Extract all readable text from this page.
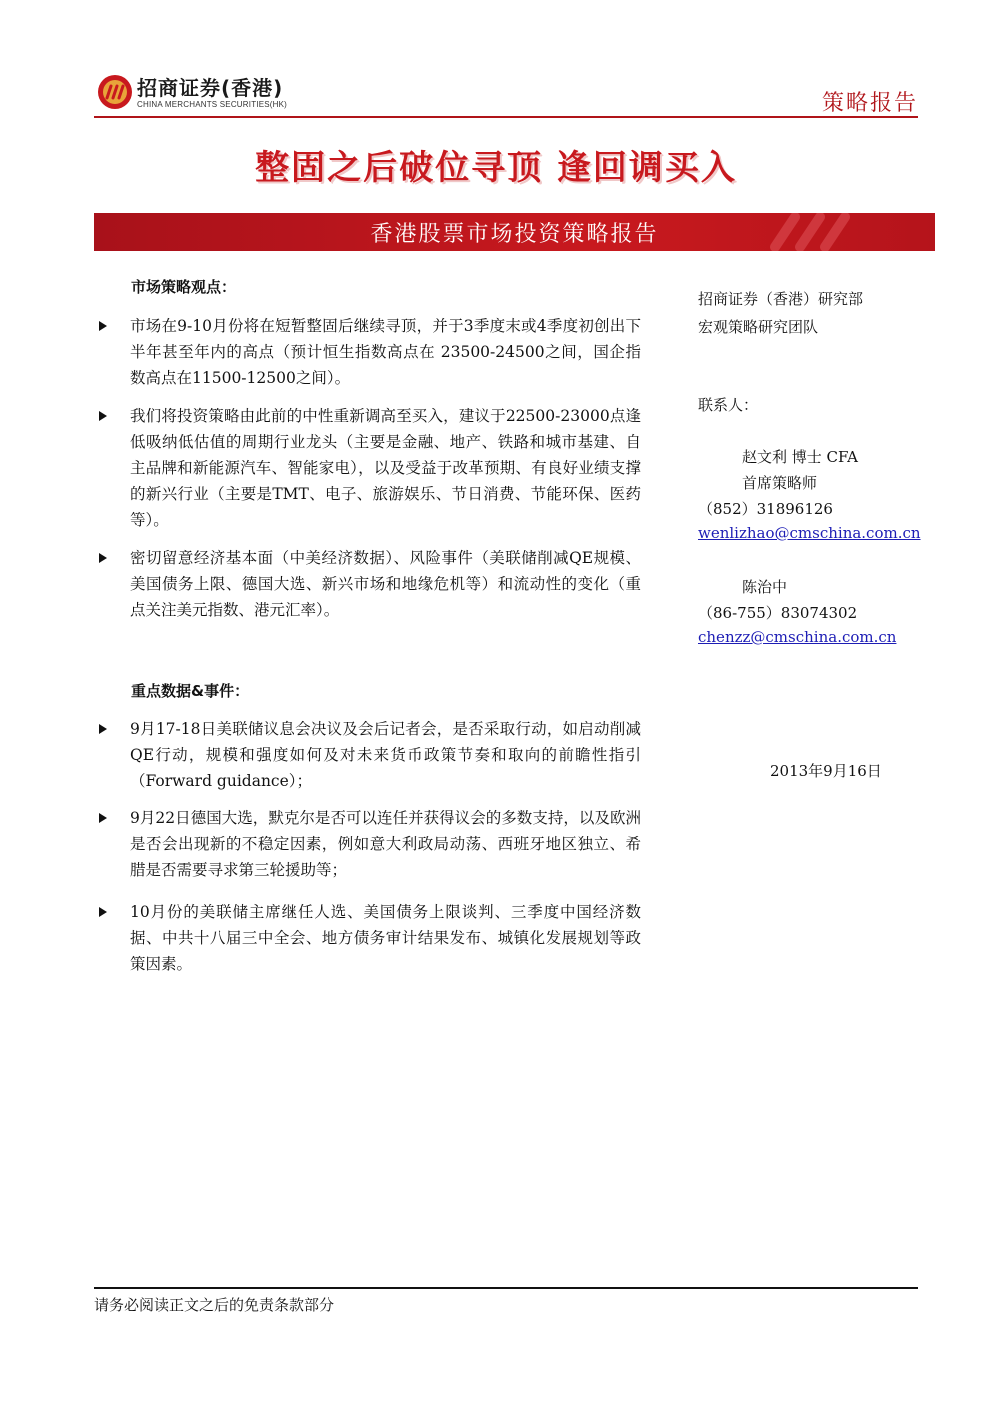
招商证券(香港)
CHINA MERCHANTS SECURITIES(HK)	策略报告
整固之后破位寻顶 逢回调买入
香港股票市场投资策略报告
市场策略观点：
市场在9-10月份将在短暂整固后继续寻顶，并于3季度末或4季度初创出下半年甚至年内的高点（预计恒生指数高点在 23500-24500之间，国企指数高点在11500-12500之间）。
我们将投资策略由此前的中性重新调高至买入，建议于22500-23000点逢低吸纳低估值的周期行业龙头（主要是金融、地产、铁路和城市基建、自主品牌和新能源汽车、智能家电），以及受益于改革预期、有良好业绩支撑的新兴行业（主要是TMT、电子、旅游娱乐、节日消费、节能环保、医药等）。
密切留意经济基本面（中美经济数据）、风险事件（美联储削减QE规模、美国债务上限、德国大选、新兴市场和地缘危机等）和流动性的变化（重点关注美元指数、港元汇率）。
重点数据&事件：
9月17-18日美联储议息会决议及会后记者会，是否采取行动，如启动削减QE行动，规模和强度如何及对未来货币政策节奏和取向的前瞻性指引（Forward guidance）；
9月22日德国大选，默克尔是否可以连任并获得议会的多数支持，以及欧洲是否会出现新的不稳定因素，例如意大利政局动荡、西班牙地区独立、希腊是否需要寻求第三轮援助等；
10月份的美联储主席继任人选、美国债务上限谈判、三季度中国经济数据、中共十八届三中全会、地方债务审计结果发布、城镇化发展规划等政策因素。
招商证券（香港）研究部
宏观策略研究团队
联系人：
赵文利 博士 CFA
首席策略师
（852）31896126
wenlizhao@cmschina.com.cn
陈治中
（86-755）83074302
chenzz@cmschina.com.cn
2013年9月16日
请务必阅读正文之后的免责条款部分
